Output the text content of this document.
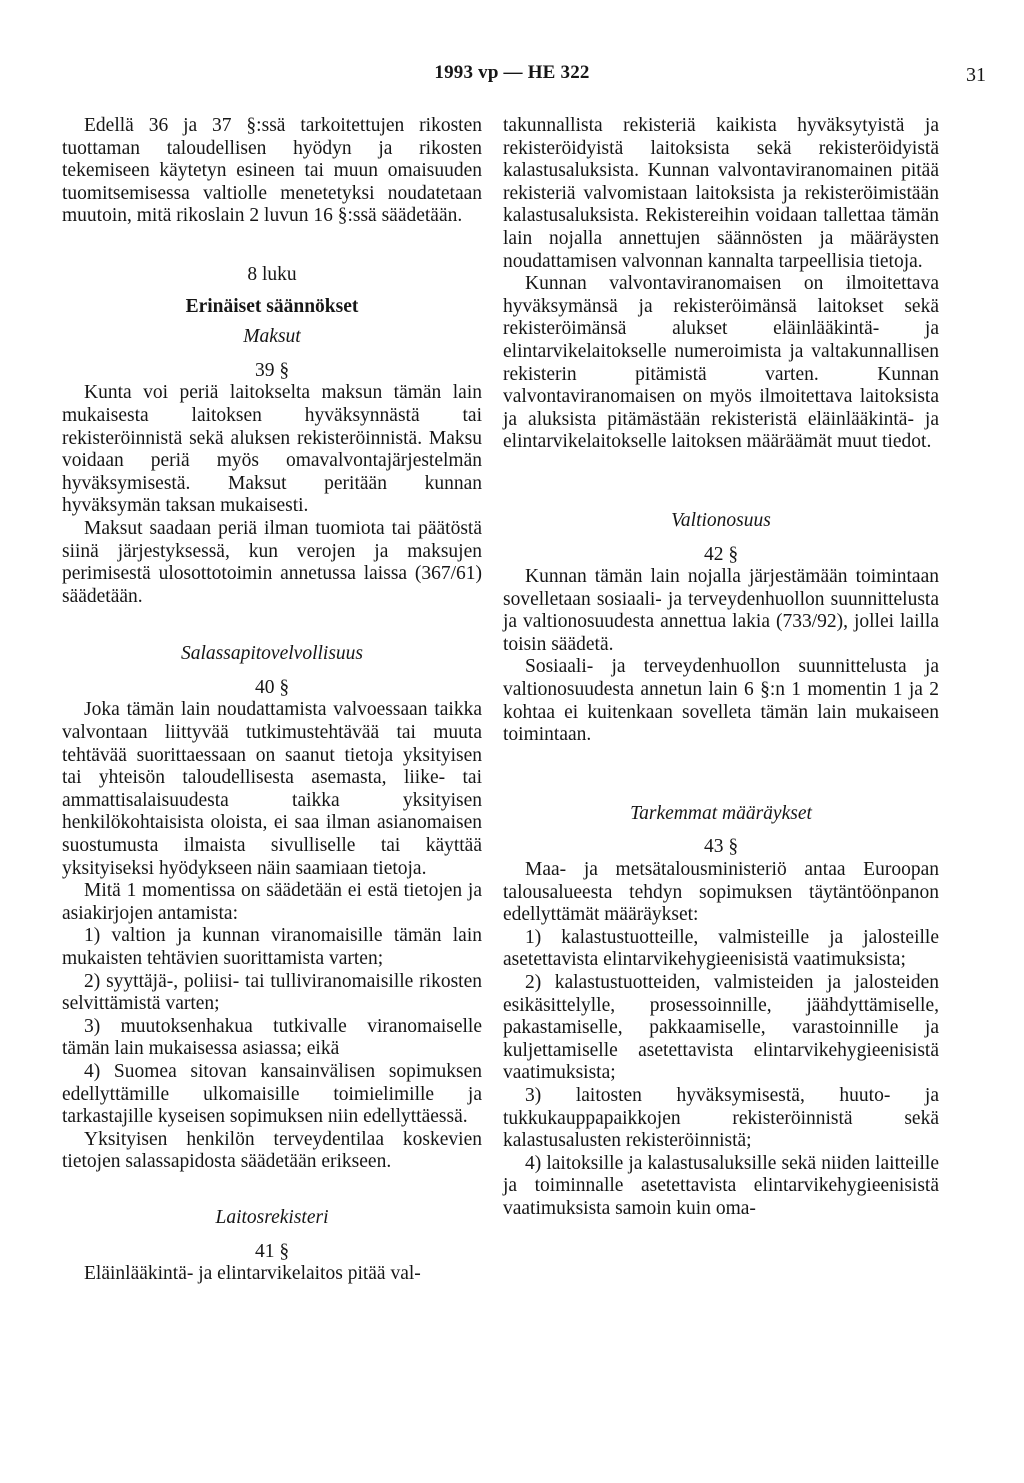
1993 vp — HE 322	31

Edellä 36 ja 37 §:ssä tarkoitettujen rikosten tuottaman taloudellisen hyödyn ja rikosten tekemiseen käytetyn esineen tai muun omaisuuden tuomitsemisessa valtiolle menetetyksi noudatetaan muutoin, mitä rikoslain 2 luvun 16 §:ssä säädetään.

8 luku

Erinäiset säännökset

Maksut

39 §

Kunta voi periä laitokselta maksun tämän lain mukaisesta laitoksen hyväksynnästä tai rekisteröinnistä sekä aluksen rekisteröinnistä. Maksu voidaan periä myös omavalvontajärjestelmän hyväksymisestä. Maksut peritään kunnan hyväksymän taksan mukaisesti.

Maksut saadaan periä ilman tuomiota tai päätöstä siinä järjestyksessä, kun verojen ja maksujen perimisestä ulosottotoimin annetussa laissa (367/61) säädetään.

Salassapitovelvollisuus

40 §

Joka tämän lain noudattamista valvoessaan taikka valvontaan liittyvää tutkimustehtävää tai muuta tehtävää suorittaessaan on saanut tietoja yksityisen tai yhteisön taloudellisesta asemasta, liike- tai ammattisalaisuudesta taikka yksityisen henkilökohtaisista oloista, ei saa ilman asianomaisen suostumusta ilmaista sivulliselle tai käyttää yksityiseksi hyödykseen näin saamiaan tietoja.

Mitä 1 momentissa on säädetään ei estä tietojen ja asiakirjojen antamista:

1) valtion ja kunnan viranomaisille tämän lain mukaisten tehtävien suorittamista varten;

2) syyttäjä-, poliisi- tai tulliviranomaisille rikosten selvittämistä varten;

3) muutoksenhakua tutkivalle viranomaiselle tämän lain mukaisessa asiassa; eikä

4) Suomea sitovan kansainvälisen sopimuksen edellyttämille ulkomaisille toimielimille ja tarkastajille kyseisen sopimuksen niin edellyttäessä.

Yksityisen henkilön terveydentilaa koskevien tietojen salassapidosta säädetään erikseen.

Laitosrekisteri

41 §

Eläinlääkintä- ja elintarvikelaitos pitää val-

takunnallista rekisteriä kaikista hyväksytyistä ja rekisteröidyistä laitoksista sekä rekisteröidyistä kalastusaluksista. Kunnan valvontaviranomainen pitää rekisteriä valvomistaan laitoksista ja rekisteröimistään kalastusaluksista. Rekistereihin voidaan tallettaa tämän lain nojalla annettujen säännösten ja määräysten noudattamisen valvonnan kannalta tarpeellisia tietoja.

Kunnan valvontaviranomaisen on ilmoitettava hyväksymänsä ja rekisteröimänsä laitokset sekä rekisteröimänsä alukset eläinlääkintä- ja elintarvikelaitokselle numeroimista ja valtakunnallisen rekisterin pitämistä varten. Kunnan valvontaviranomaisen on myös ilmoitettava laitoksista ja aluksista pitämästään rekisteristä eläinlääkintä- ja elintarvikelaitokselle laitoksen määräämät muut tiedot.

Valtionosuus

42 §

Kunnan tämän lain nojalla järjestämään toimintaan sovelletaan sosiaali- ja terveydenhuollon suunnittelusta ja valtionosuudesta annettua lakia (733/92), jollei lailla toisin säädetä.

Sosiaali- ja terveydenhuollon suunnittelusta ja valtionosuudesta annetun lain 6 §:n 1 momentin 1 ja 2 kohtaa ei kuitenkaan sovelleta tämän lain mukaiseen toimintaan.

Tarkemmat määräykset

43 §

Maa- ja metsätalousministeriö antaa Euroopan talousalueesta tehdyn sopimuksen täytäntöönpanon edellyttämät määräykset:

1) kalastustuotteille, valmisteille ja jalosteille asetettavista elintarvikehygieenisistä vaatimuksista;

2) kalastustuotteiden, valmisteiden ja jalosteiden esikäsittelylle, prosessoinnille, jäähdyttämiselle, pakastamiselle, pakkaamiselle, varastoinnille ja kuljettamiselle asetettavista elintarvikehygieenisistä vaatimuksista;

3) laitosten hyväksymisestä, huuto- ja tukkukauppapaikkojen rekisteröinnistä sekä kalastusalusten rekisteröinnistä;

4) laitoksille ja kalastusaluksille sekä niiden laitteille ja toiminnalle asetettavista elintarvikehygieenisistä vaatimuksista samoin kuin oma-
